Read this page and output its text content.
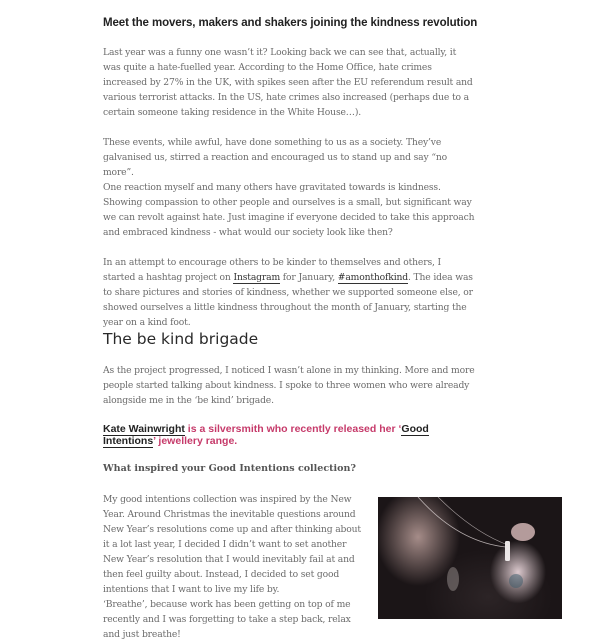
Meet the movers, makers and shakers joining the kindness revolution

Last year was a funny one wasn’t it? Looking back we can see that, actually, it was quite a hate-fuelled year. According to the Home Office, hate crimes increased by 27% in the UK, with spikes seen after the EU referendum result and various terrorist attacks. In the US, hate crimes also increased (perhaps due to a certain someone taking residence in the White House…).

These events, while awful, have done something to us as a society. They’ve galvanised us, stirred a reaction and encouraged us to stand up and say “no more”.

One reaction myself and many others have gravitated towards is kindness. Showing compassion to other people and ourselves is a small, but significant way we can revolt against hate. Just imagine if everyone decided to take this approach and embraced kindness - what would our society look like then?

In an attempt to encourage others to be kinder to themselves and others, I started a hashtag project on Instagram for January, #amonthofkind. The idea was to share pictures and stories of kindness, whether we supported someone else, or showed ourselves a little kindness throughout the month of January, starting the year on a kind foot.

The be kind brigade

As the project progressed, I noticed I wasn’t alone in my thinking. More and more people started talking about kindness. I spoke to three women who were already alongside me in the ‘be kind’ brigade.

Kate Wainwright is a silversmith who recently released her ‘Good Intentions’ jewellery range.

What inspired your Good Intentions collection?

My good intentions collection was inspired by the New Year. Around Christmas the inevitable questions around New Year’s resolutions come up and after thinking about it a lot last year, I decided I didn’t want to set another New Year’s resolution that I would inevitably fail at and then feel guilty about. Instead, I decided to set good intentions that I want to live my life by.

‘Breathe’, because work has been getting on top of me recently and I was forgetting to take a step back, relax and just breathe!
